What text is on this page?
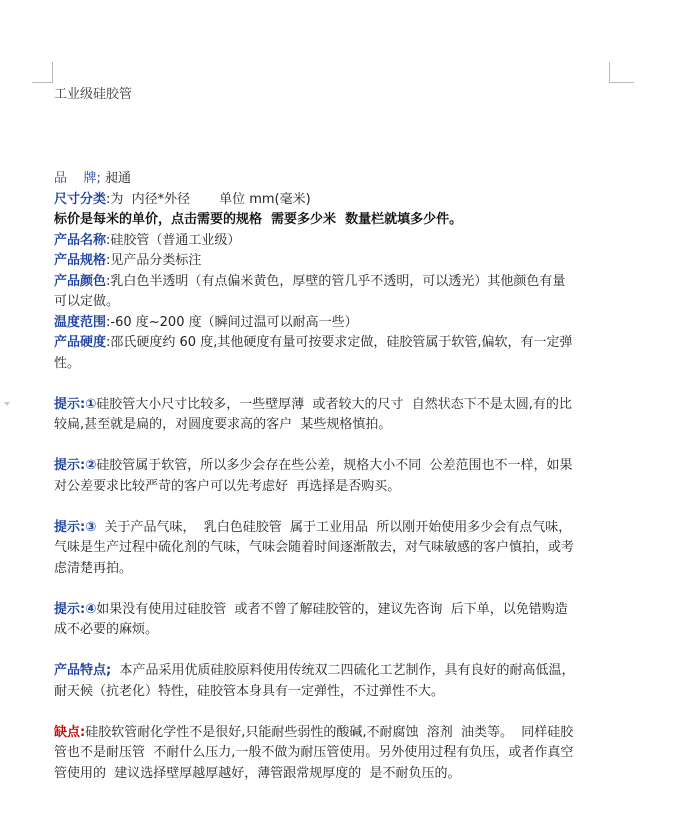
工业级硅胶管
品    牌; 昶通
尺寸分类:为  内径*外径       单位 mm(毫米)
标价是每米的单价，点击需要的规格  需要多少米  数量栏就填多少件。
产品名称:硅胶管（普通工业级）
产品规格:见产品分类标注
产品颜色:乳白色半透明（有点偏米黄色，厚壁的管几乎不透明，可以透光）其他颜色有量
可以定做。
温度范围:-60 度~200 度（瞬间过温可以耐高一些）
产品硬度:邵氏硬度约 60 度,其他硬度有量可按要求定做，硅胶管属于软管,偏软，有一定弹
性。
提示:①硅胶管大小尺寸比较多，一些壁厚薄  或者较大的尺寸  自然状态下不是太圆,有的比
较扁,甚至就是扁的，对圆度要求高的客户  某些规格慎拍。
提示:②硅胶管属于软管，所以多少会存在些公差，规格大小不同  公差范围也不一样，如果
对公差要求比较严苛的客户可以先考虑好  再选择是否购买。
提示:③  关于产品气味，  乳白色硅胶管  属于工业用品  所以刚开始使用多少会有点气味，
气味是生产过程中硫化剂的气味，气味会随着时间逐渐散去，对气味敏感的客户慎拍，或考
虑清楚再拍。
提示:④如果没有使用过硅胶管  或者不曾了解硅胶管的，建议先咨询  后下单，以免错购造
成不必要的麻烦。
产品特点;  本产品采用优质硅胶原料使用传统双二四硫化工艺制作，具有良好的耐高低温，
耐天候（抗老化）特性，硅胶管本身具有一定弹性，不过弹性不大。
缺点:硅胶软管耐化学性不是很好,只能耐些弱性的酸碱,不耐腐蚀  溶剂  油类等。  同样硅胶
管也不是耐压管  不耐什么压力,一般不做为耐压管使用。另外使用过程有负压，或者作真空
管使用的  建议选择壁厚越厚越好，薄管跟常规厚度的  是不耐负压的。
